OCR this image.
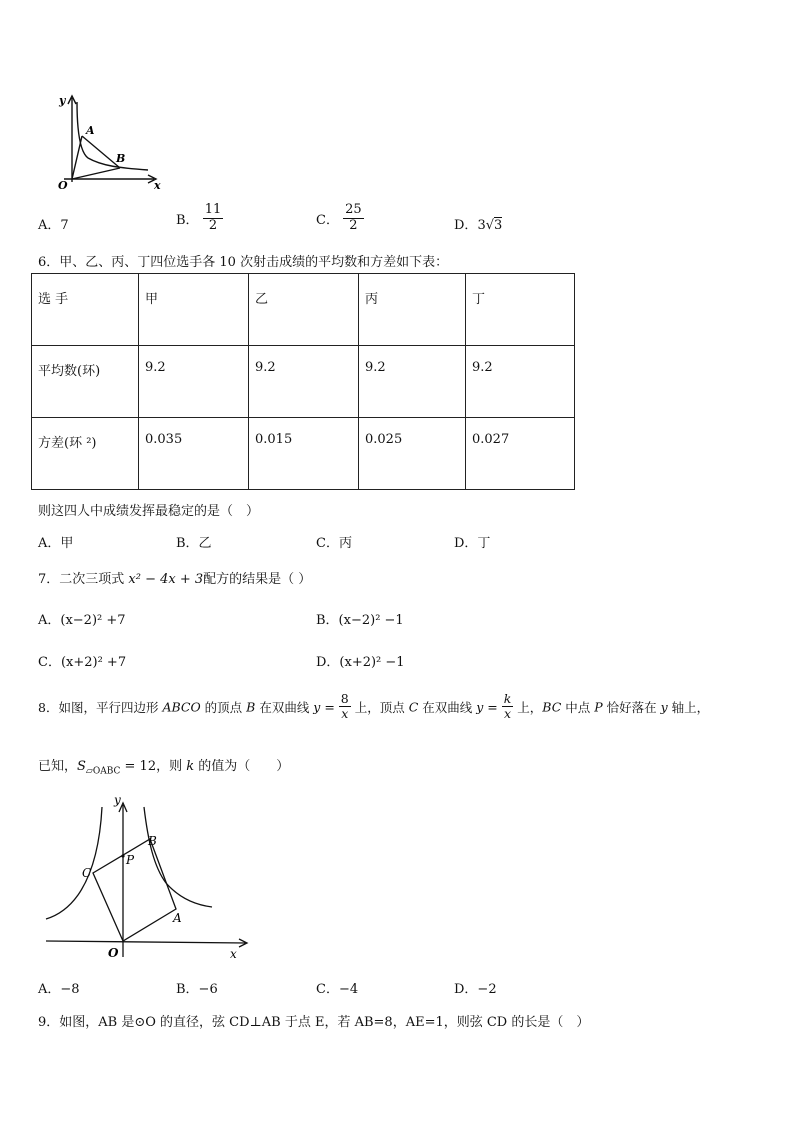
y
x
O
A
B
A．7	B． $\frac{11}{2}$	C． $\frac{25}{2}$	D．3√3
6．甲、乙、丙、丁四位选手各 10 次射击成绩的平均数和方差如下表：
选 手	甲	乙	丙	丁
平均数(环)	9.2	9.2	9.2	9.2
方差(环 ²)	0.035	0.015	0.025	0.027
则这四人中成绩发挥最稳定的是（　）
A．甲	B．乙	C．丙	D．丁
7．二次三项式 x² − 4x + 3配方的结果是（ ）
A．(x−2)² +7	B．(x−2)² −1
C．(x+2)² +7	D．(x+2)² −1
8．如图，平行四边形 ABCO 的顶点 B 在双曲线 $y = \frac{8}{x}$ 上，顶点 C 在双曲线 $y = \frac{k}{x}$ 上，BC 中点 P 恰好落在 y 轴上，
已知，$S_{▱OABC} = 12$，则 k 的值为（　　）
y
x
O
A
B
C
P
A．−8	B．−6	C．−4	D．−2
9．如图，AB 是⊙O 的直径，弦 CD⊥AB 于点 E，若 AB=8，AE=1，则弦 CD 的长是（　）
